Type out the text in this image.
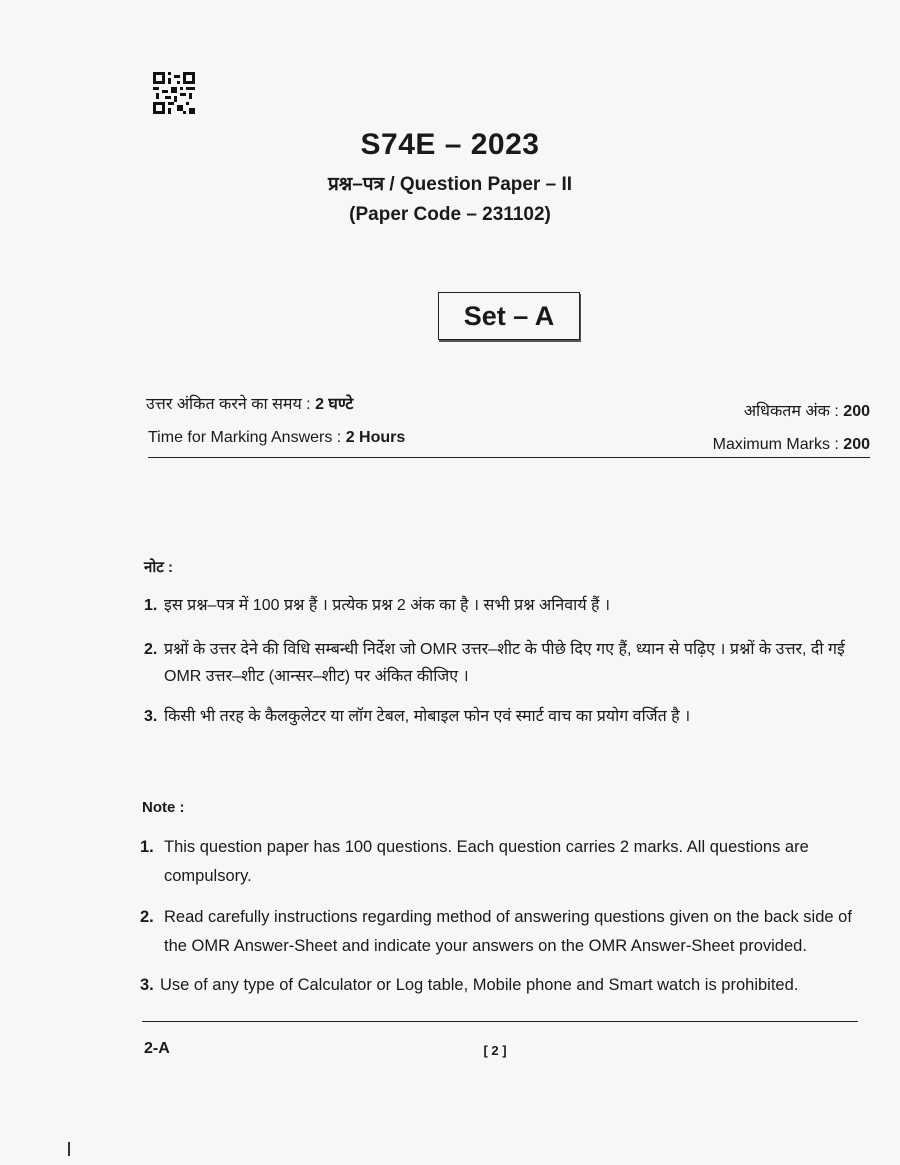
S74E – 2023
प्रश्न–पत्र / Question Paper – II
(Paper Code – 231102)
Set – A
उत्तर अंकित करने का समय : 2 घण्टे	अधिकतम अंक : 200
Time for Marking Answers : 2 Hours	Maximum Marks : 200
नोट :
1. इस प्रश्न–पत्र में 100 प्रश्न हैं । प्रत्येक प्रश्न 2 अंक का है । सभी प्रश्न अनिवार्य हैं ।
2. प्रश्नों के उत्तर देने की विधि सम्बन्धी निर्देश जो OMR उत्तर–शीट के पीछे दिए गए हैं, ध्यान से पढ़िए । प्रश्नों के उत्तर, दी गई OMR उत्तर–शीट (आन्सर–शीट) पर अंकित कीजिए ।
3. किसी भी तरह के कैलकुलेटर या लॉग टेबल, मोबाइल फोन एवं स्मार्ट वाच का प्रयोग वर्जित है ।
Note :
1. This question paper has 100 questions. Each question carries 2 marks. All questions are compulsory.
2. Read carefully instructions regarding method of answering questions given on the back side of the OMR Answer-Sheet and indicate your answers on the OMR Answer-Sheet provided.
3. Use of any type of Calculator or Log table, Mobile phone and Smart watch is prohibited.
2-A	[ 2 ]
